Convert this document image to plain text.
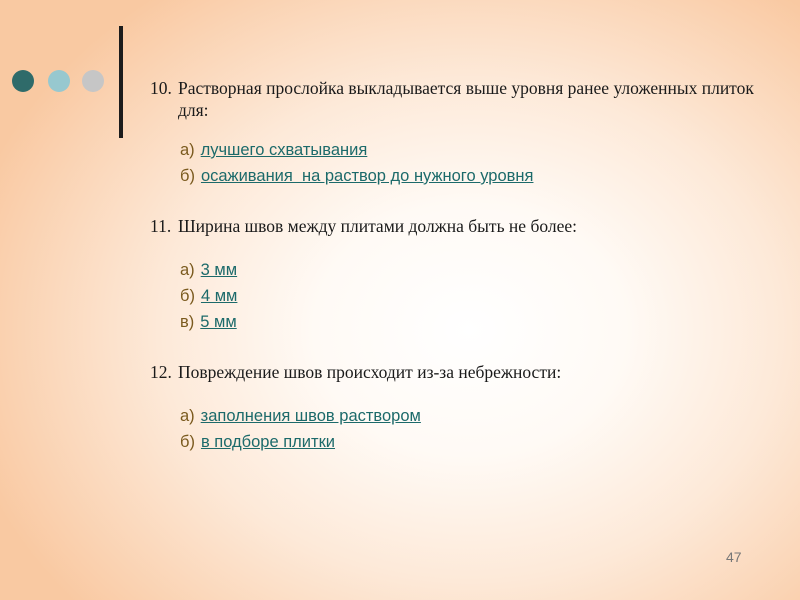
10. Растворная прослойка выкладывается выше уровня ранее уложенных плиток для:
а) лучшего схватывания
б) осаживания  на раствор до нужного уровня
11. Ширина швов между плитами должна быть не более:
а) 3 мм
б) 4 мм
в) 5 мм
12. Повреждение швов происходит из-за небрежности:
а) заполнения швов раствором
б) в подборе плитки
47
